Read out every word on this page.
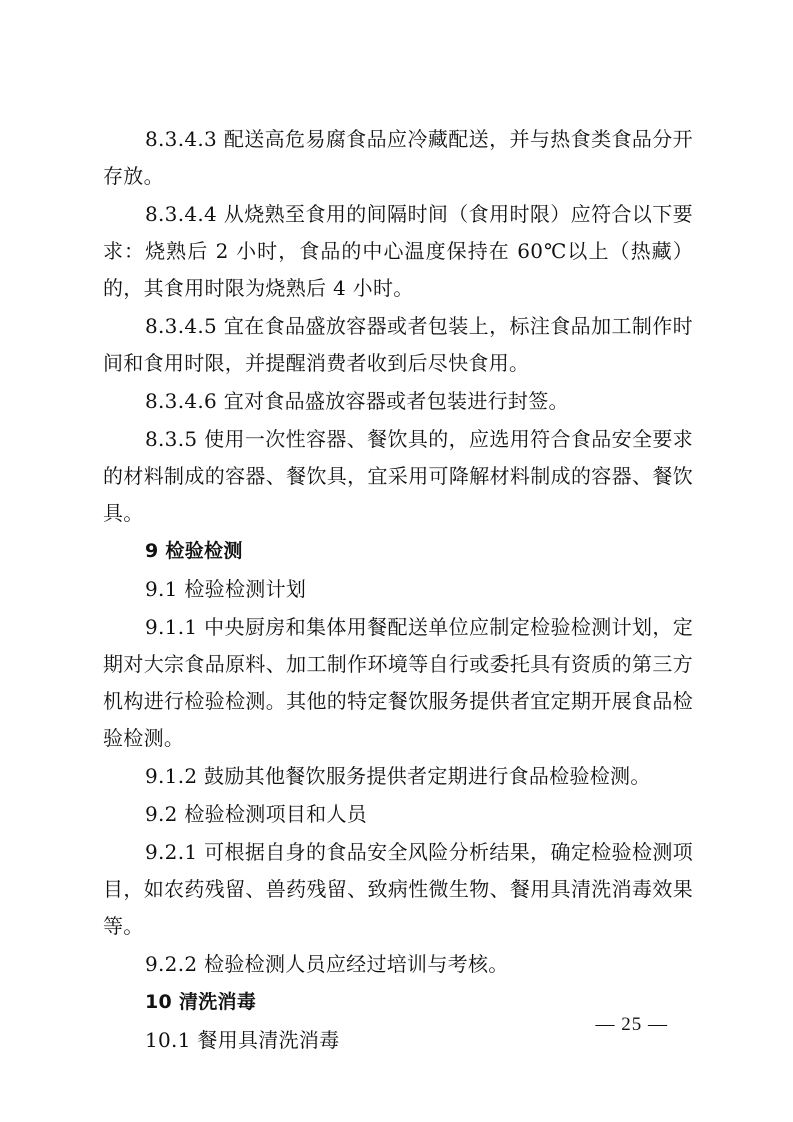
8.3.4.3 配送高危易腐食品应冷藏配送，并与热食类食品分开存放。

8.3.4.4 从烧熟至食用的间隔时间（食用时限）应符合以下要求：烧熟后 2 小时，食品的中心温度保持在 60℃以上（热藏）的，其食用时限为烧熟后 4 小时。

8.3.4.5 宜在食品盛放容器或者包装上，标注食品加工制作时间和食用时限，并提醒消费者收到后尽快食用。

8.3.4.6 宜对食品盛放容器或者包装进行封签。

8.3.5 使用一次性容器、餐饮具的，应选用符合食品安全要求的材料制成的容器、餐饮具，宜采用可降解材料制成的容器、餐饮具。

9 检验检测

9.1 检验检测计划

9.1.1 中央厨房和集体用餐配送单位应制定检验检测计划，定期对大宗食品原料、加工制作环境等自行或委托具有资质的第三方机构进行检验检测。其他的特定餐饮服务提供者宜定期开展食品检验检测。

9.1.2 鼓励其他餐饮服务提供者定期进行食品检验检测。

9.2 检验检测项目和人员

9.2.1 可根据自身的食品安全风险分析结果，确定检验检测项目，如农药残留、兽药残留、致病性微生物、餐用具清洗消毒效果等。

9.2.2 检验检测人员应经过培训与考核。

10 清洗消毒

10.1 餐用具清洗消毒

— 25 —
